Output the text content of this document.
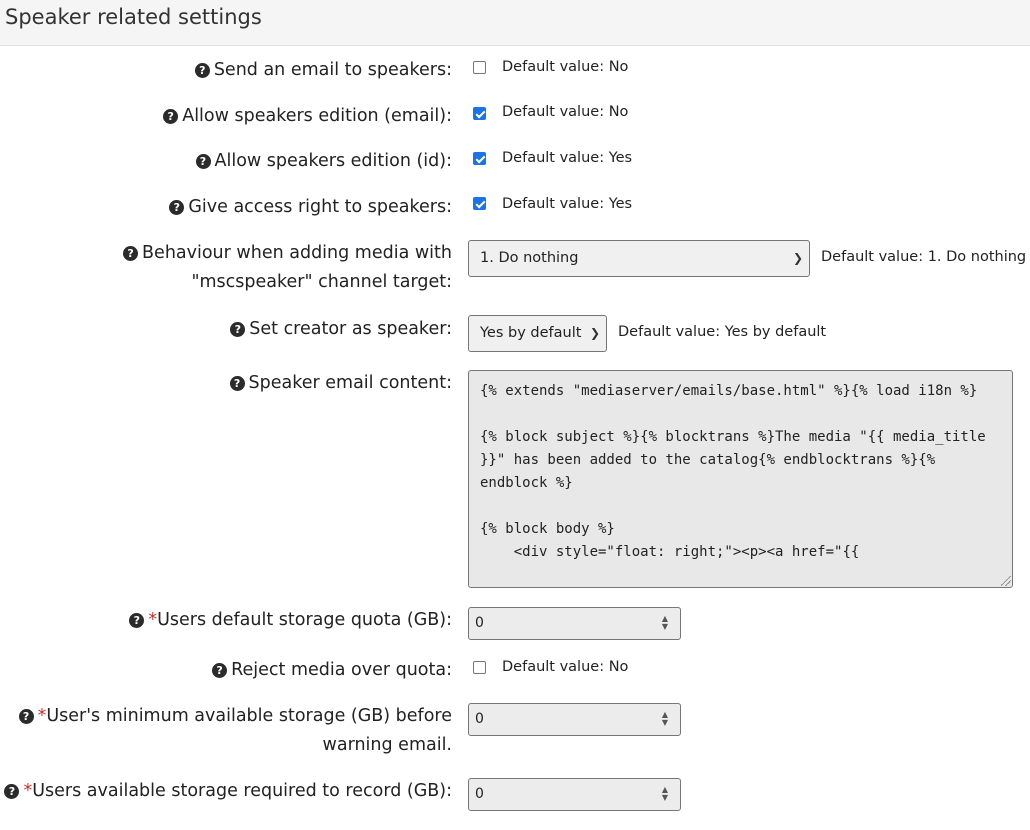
Speaker related settings
? Send an email to speakers:	Default value: No
? Allow speakers edition (email):	Default value: No
? Allow speakers edition (id):	Default value: Yes
? Give access right to speakers:	Default value: Yes
? Behaviour when adding media with "mscspeaker" channel target:
1. Do nothing	❯ Default value: 1. Do nothing
? Set creator as speaker:	Yes by default ❯ Default value: Yes by default
? Speaker email content:	{% extends "mediaserver/emails/base.html" %}{% load i18n %}

{% block subject %}{% blocktrans %}The media "{{ media_title }}" has been added to the catalog{% endblocktrans %}{% endblock %}

{% block body %}
<div style="float: right;"><p><a href="{{
? *Users default storage quota (GB):	0	▲
▼
? Reject media over quota:	Default value: No
? *User's minimum available storage (GB) before warning email.
0	▲
▼
? *Users available storage required to record (GB):	0	▲
▼
